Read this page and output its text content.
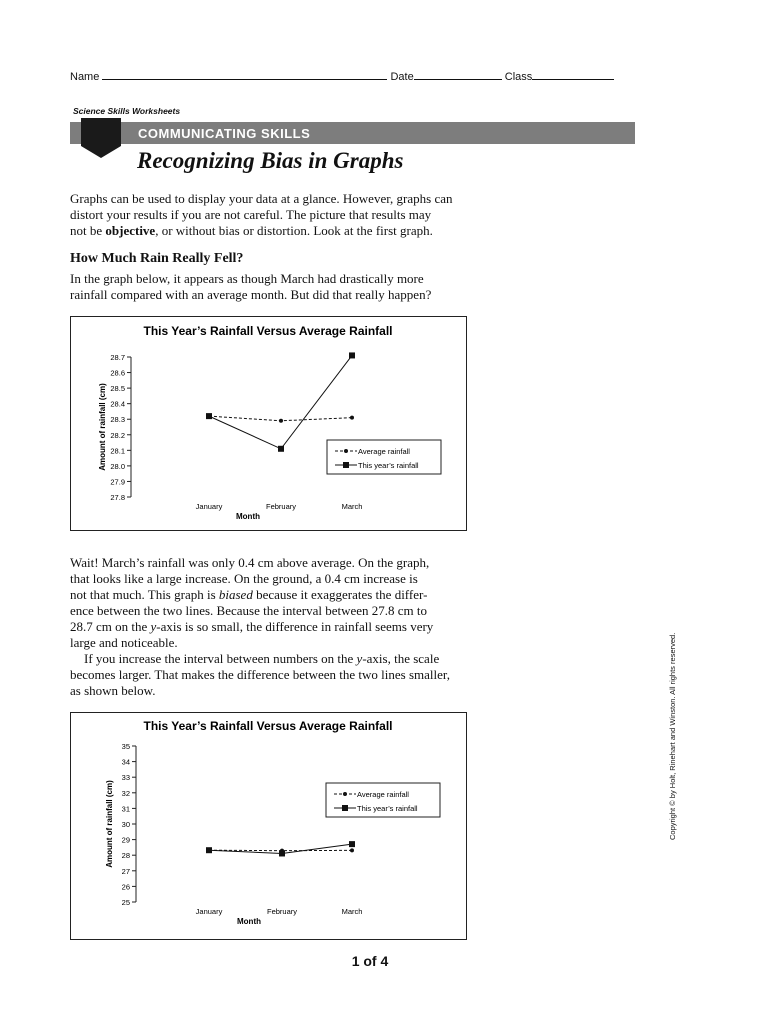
Name	Date	Class
Science Skills Worksheets
COMMUNICATING SKILLS
Recognizing Bias in Graphs
Graphs can be used to display your data at a glance. However, graphs can
distort your results if you are not careful. The picture that results may
not be objective, or without bias or distortion. Look at the first graph.
How Much Rain Really Fell?
In the graph below, it appears as though March had drastically more
rainfall compared with an average month. But did that really happen?
This Year’s Rainfall Versus Average Rainfall
28.7
28.6
28.5
28.4
28.3
28.2
28.1
28.0
27.9
27.8
Amount of rainfall (cm)
January	February	March
Month
Average rainfall
This year’s rainfall
Wait! March’s rainfall was only 0.4 cm above average. On the graph,
that looks like a large increase. On the ground, a 0.4 cm increase is
not that much. This graph is biased because it exaggerates the differ-
ence between the two lines. Because the interval between 27.8 cm to
28.7 cm on the y-axis is so small, the difference in rainfall seems very
large and noticeable.
If you increase the interval between numbers on the y-axis, the scale
becomes larger. That makes the difference between the two lines smaller,
as shown below.
This Year’s Rainfall Versus Average Rainfall
35
34
33
32
31
30
29
28
27
26
25
Amount of rainfall (cm)
January	February	March
Month
Average rainfall
This year’s rainfall	Copyright © by Holt, Rinehart and Winston. All rights reserved.
1 of 4
